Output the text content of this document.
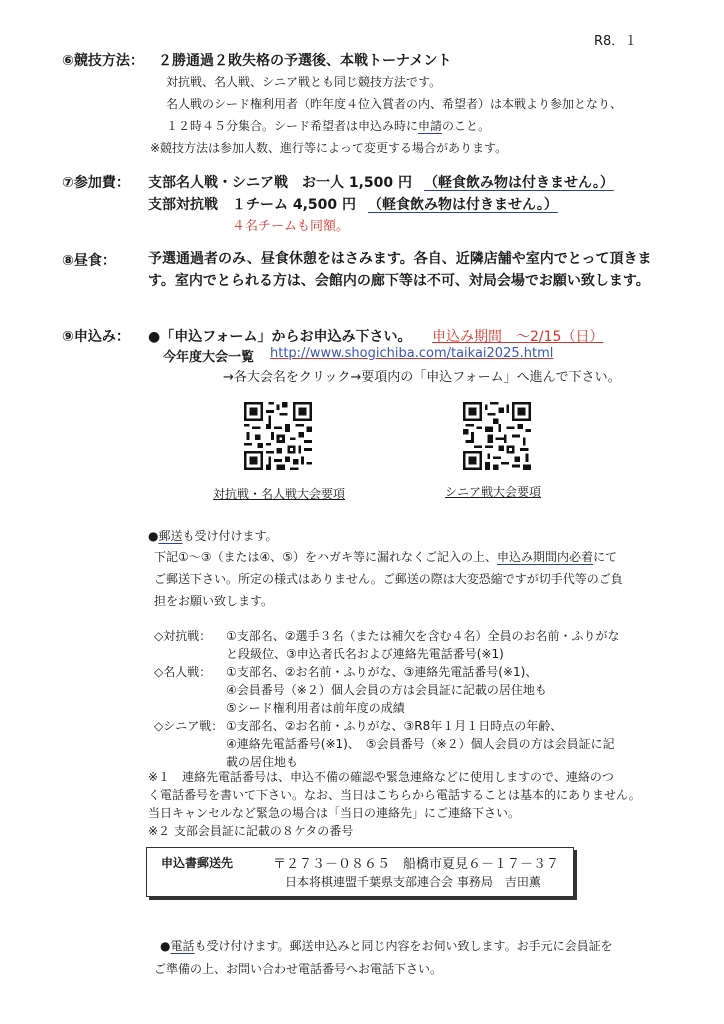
R8．１
⑥競技方法： ２勝通過２敗失格の予選後、本戦トーナメント
対抗戦、名人戦、シニア戦とも同じ競技方法です。
名人戦のシード権利用者（昨年度４位入賞者の内、希望者）は本戦より参加となり、
１２時４５分集合。シード希望者は申込み時に申請のこと。
※競技方法は参加人数、進行等によって変更する場合があります。
⑦参加費： 支部名人戦・シニア戦　お一人 1,500 円 （軽食飲み物は付きません。）
支部対抗戦　１チーム 4,500 円 （軽食飲み物は付きません。）
４名チームも同額。
⑧昼食： 予選通過者のみ、昼食休憩をはさみます。各自、近隣店舗や室内でとって頂きます。室内でとられる方は、会館内の廊下等は不可、対局会場でお願い致します。
⑨申込み： ●「申込フォーム」からお申込み下さい。 申込み期間　～2/15（日）
今年度大会一覧 http://www.shogichiba.com/taikai2025.html
→各大会名をクリック→要項内の「申込フォーム」へ進んで下さい。
対抗戦・名人戦大会要項	シニア戦大会要項
●郵送も受け付けます。
下記①～③（または④、⑤）をハガキ等に漏れなくご記入の上、申込み期間内必着にて
ご郵送下さい。所定の様式はありません。ご郵送の際は大変恐縮ですが切手代等のご負
担をお願い致します。
◇対抗戦： ①支部名、②選手３名（または補欠を含む４名）全員のお名前・ふりがな
と段級位、③申込者氏名および連絡先電話番号(※1)
◇名人戦： ①支部名、②お名前・ふりがな、③連絡先電話番号(※1)、
④会員番号（※２）個人会員の方は会員証に記載の居住地も
⑤シード権利用者は前年度の成績
◇シニア戦： ①支部名、②お名前・ふりがな、③R8年１月１日時点の年齢、
④連絡先電話番号(※1)、　⑤会員番号（※２）個人会員の方は会員証に記
載の居住地も
※１　連絡先電話番号は、申込不備の確認や緊急連絡などに使用しますので、連絡のつ
く電話番号を書いて下さい。なお、当日はこちらから電話することは基本的にありません。
当日キャンセルなど緊急の場合は「当日の連絡先」にご連絡下さい。
※２ 支部会員証に記載の８ケタの番号
申込書郵送先	〒２７３－０８６５　船橋市夏見６－１７－３７
日本将棋連盟千葉県支部連合会 事務局　吉田薫
●電話も受け付けます。郵送申込みと同じ内容をお伺い致します。お手元に会員証を
ご準備の上、お問い合わせ電話番号へお電話下さい。
